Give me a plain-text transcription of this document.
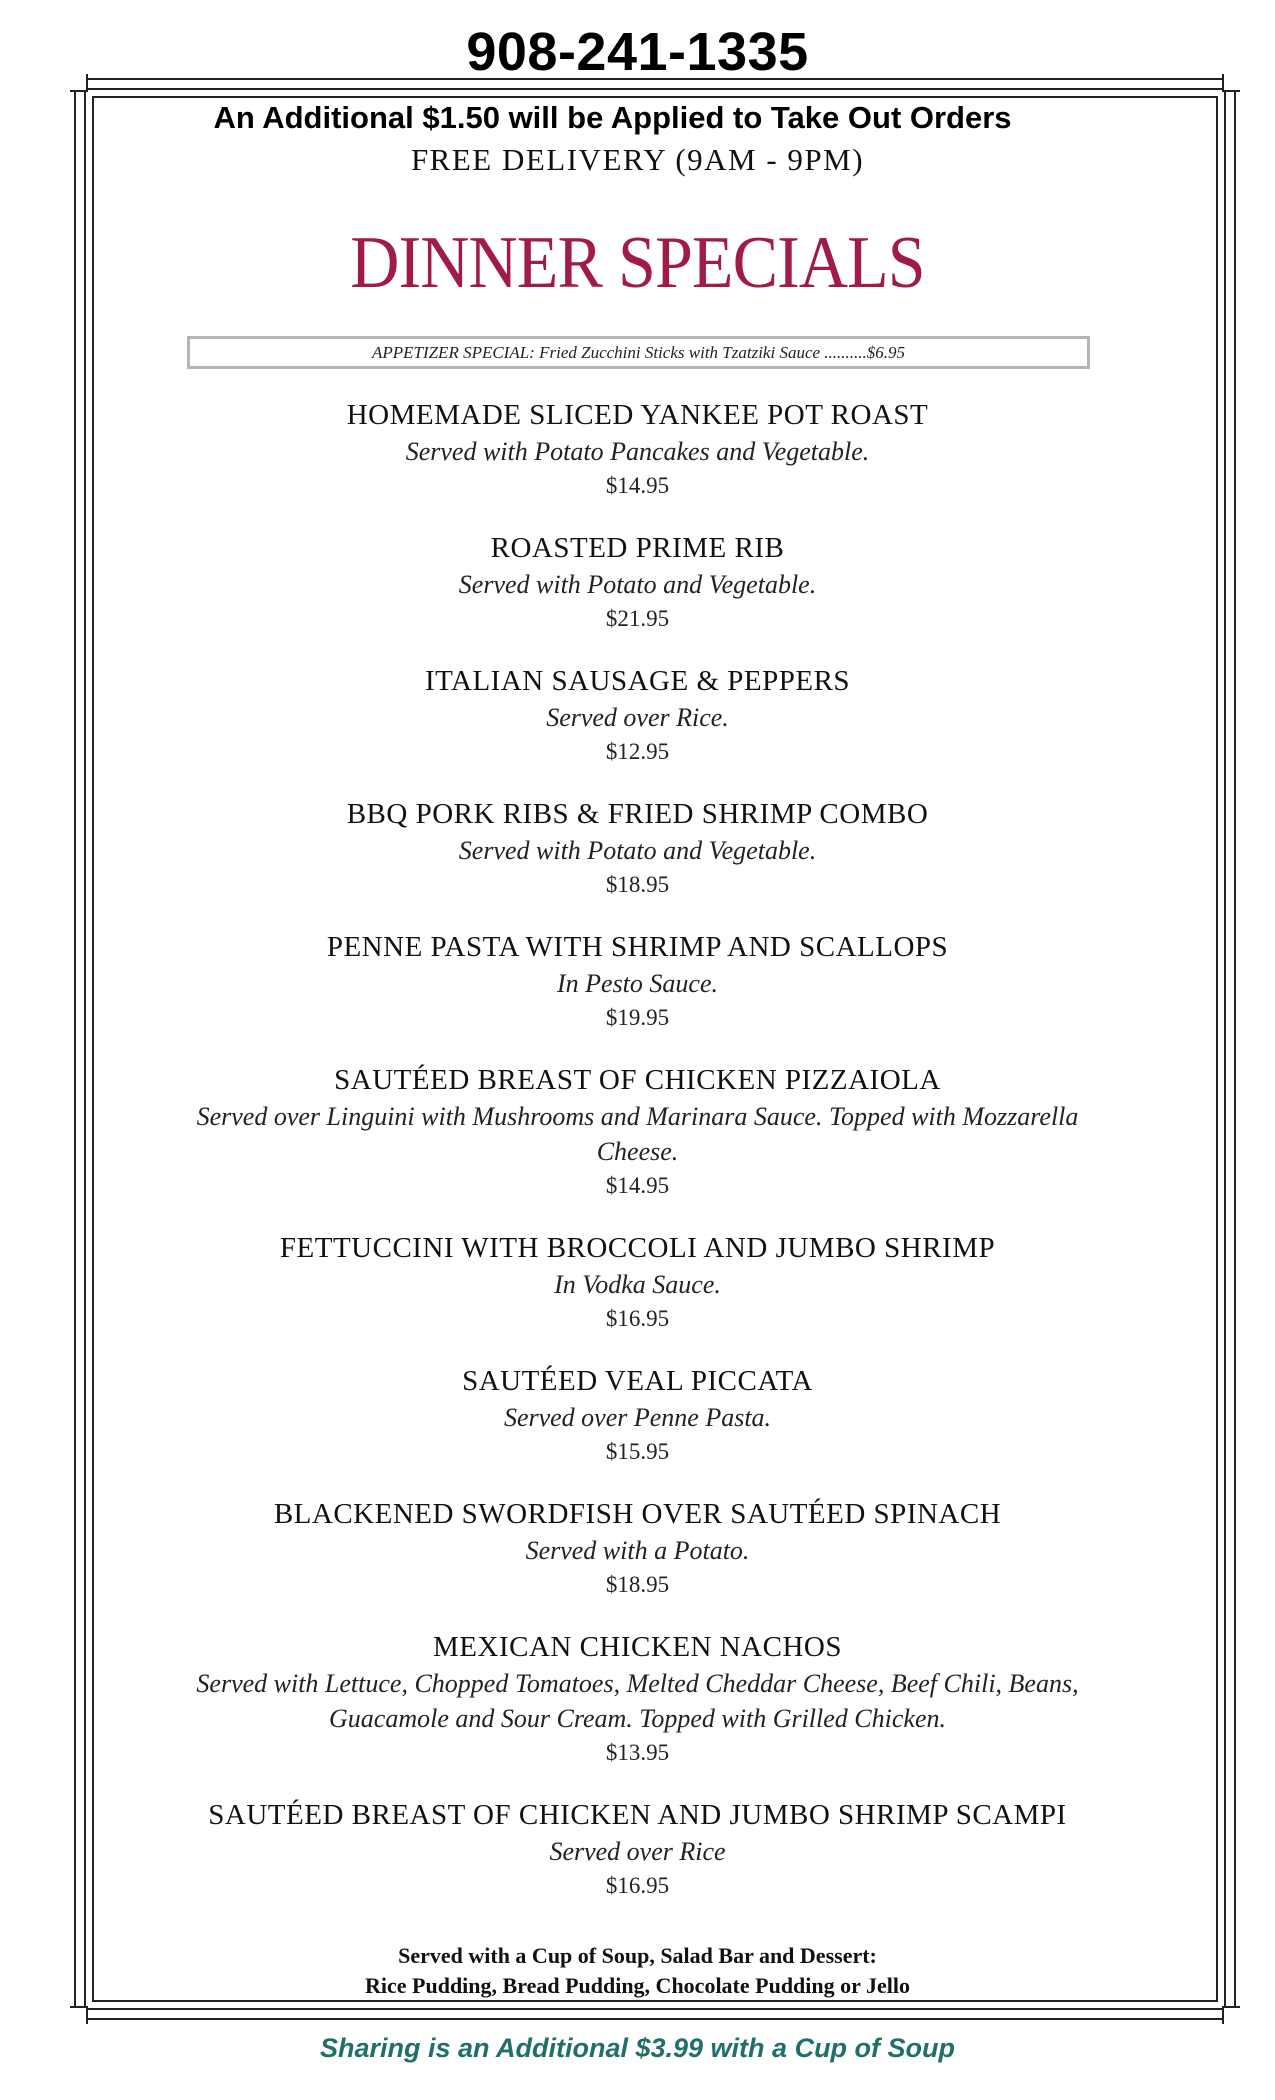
908-241-1335
An Additional $1.50 will be Applied to Take Out Orders
FREE DELIVERY (9AM - 9PM)
DINNER SPECIALS
APPETIZER SPECIAL: Fried Zucchini Sticks with Tzatziki Sauce ..........$6.95
HOMEMADE SLICED YANKEE POT ROAST
Served with Potato Pancakes and Vegetable.
$14.95
ROASTED PRIME RIB
Served with Potato and Vegetable.
$21.95
ITALIAN SAUSAGE & PEPPERS
Served over Rice.
$12.95
BBQ PORK RIBS & FRIED SHRIMP COMBO
Served with Potato and Vegetable.
$18.95
PENNE PASTA WITH SHRIMP AND SCALLOPS
In Pesto Sauce.
$19.95
SAUTÉED BREAST OF CHICKEN PIZZAIOLA
Served over Linguini with Mushrooms and Marinara Sauce. Topped with Mozzarella Cheese.
$14.95
FETTUCCINI WITH BROCCOLI AND JUMBO SHRIMP
In Vodka Sauce.
$16.95
SAUTÉED VEAL PICCATA
Served over Penne Pasta.
$15.95
BLACKENED SWORDFISH OVER SAUTÉED SPINACH
Served with a Potato.
$18.95
MEXICAN CHICKEN NACHOS
Served with Lettuce, Chopped Tomatoes, Melted Cheddar Cheese, Beef Chili, Beans, Guacamole and Sour Cream. Topped with Grilled Chicken.
$13.95
SAUTÉED BREAST OF CHICKEN AND JUMBO SHRIMP SCAMPI
Served over Rice
$16.95
Served with a Cup of Soup, Salad Bar and Dessert:
Rice Pudding, Bread Pudding, Chocolate Pudding or Jello
Sharing is an Additional $3.99 with a Cup of Soup
